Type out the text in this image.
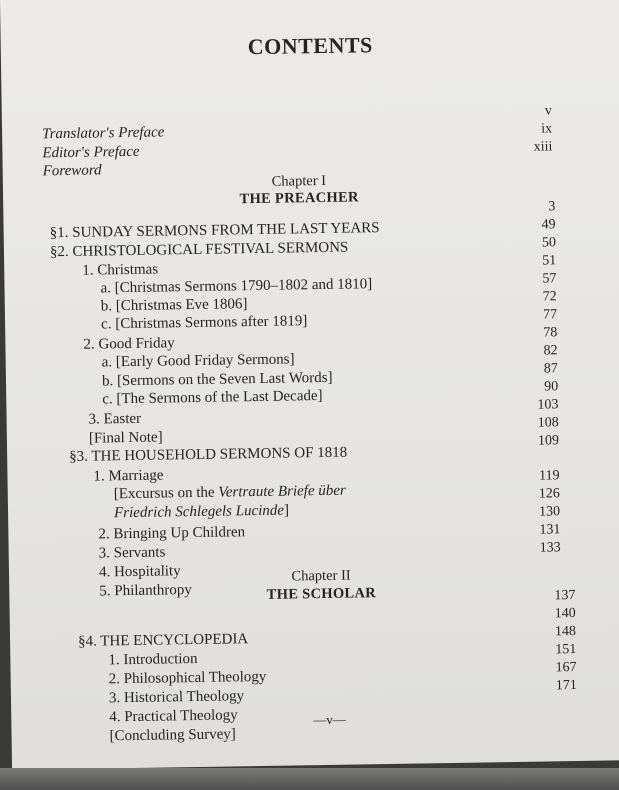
CONTENTS
Translator's Preface
Editor's Preface
Foreword
v
ix
xiii
Chapter I
THE PREACHER
§1. SUNDAY SERMONS FROM THE LAST YEARS
§2. CHRISTOLOGICAL FESTIVAL SERMONS
1. Christmas
a. [Christmas Sermons 1790–1802 and 1810]
b. [Christmas Eve 1806]
c. [Christmas Sermons after 1819]
2. Good Friday
a. [Early Good Friday Sermons]
b. [Sermons on the Seven Last Words]
c. [The Sermons of the Last Decade]
3. Easter
[Final Note]
§3. THE HOUSEHOLD SERMONS OF 1818
1. Marriage
3
49
50
51
57
72
77
78
82
87
90
103
108
109
[Excursus on the Vertraute Briefe über
Friedrich Schlegels Lucinde]
119
2. Bringing Up Children
3. Servants
4. Hospitality
5. Philanthropy
126
130
131
133
Chapter II
THE SCHOLAR
§4. THE ENCYCLOPEDIA
1. Introduction
2. Philosophical Theology
3. Historical Theology
4. Practical Theology
[Concluding Survey]
137
140
148
151
167
171
—v—
